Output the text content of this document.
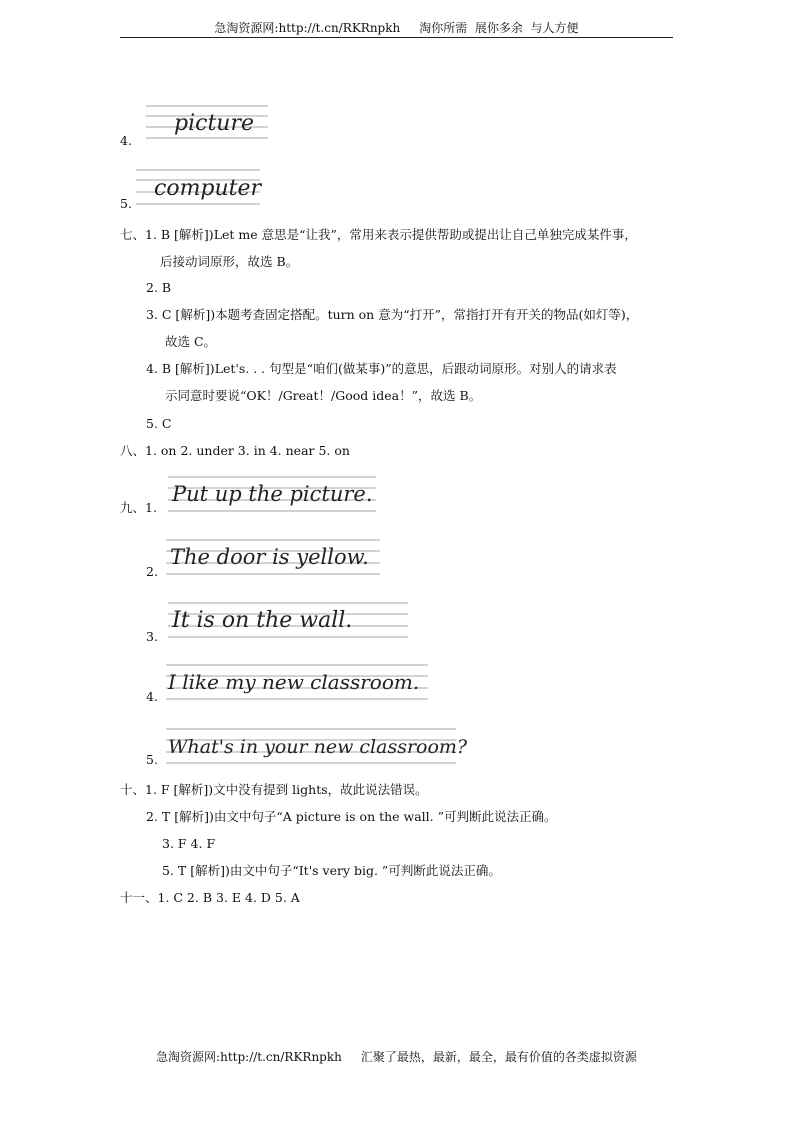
急淘资源网:http://t.cn/RKRnpkh     淘你所需  展你多余  与人方便
4.
picture
5.
computer
七、1. B [解析])Let me 意思是“让我”，常用来表示提供帮助或提出让自己单独完成某件事，
后接动词原形，故选 B。
2. B
3. C [解析])本题考查固定搭配。turn on 意为“打开”，常指打开有开关的物品(如灯等)，
故选 C。
4. B [解析])Let's. . . 句型是“咱们(做某事)”的意思，后跟动词原形。对别人的请求表
示同意时要说“OK！/Great！/Good idea！”，故选 B。
5. C
八、1. on 2. under 3. in 4. near 5. on
九、1.
Put up the picture.
2.
The door is yellow.
3.
It is on the wall.
4.
I like my new classroom.
5.
What's in your new classroom?
十、1. F [解析])文中没有提到 lights，故此说法错误。
2. T [解析])由文中句子“A picture is on the wall. ”可判断此说法正确。
3. F 4. F
5. T [解析])由文中句子“It's very big. ”可判断此说法正确。
十一、1. C 2. B 3. E 4. D 5. A
急淘资源网:http://t.cn/RKRnpkh     汇聚了最热，最新，最全，最有价值的各类虚拟资源
